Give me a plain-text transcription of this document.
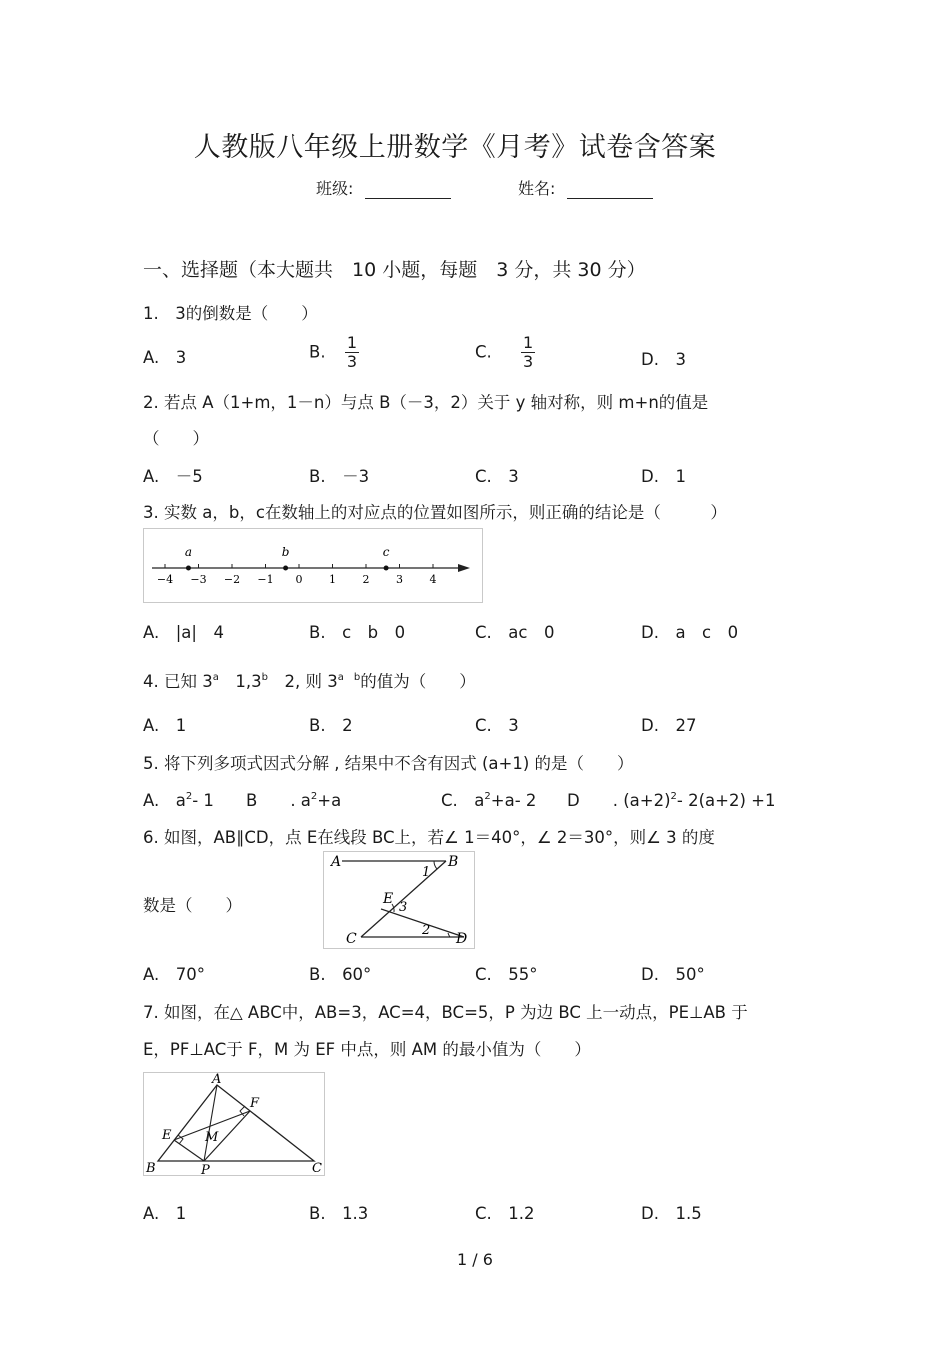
人教版八年级上册数学《月考》试卷含答案
班级:	姓名:
一、选择题（本大题共　10 小题，每题　3 分，共 30 分）
1.　3的倒数是（　　）
A.　3	B. $\frac{1}{3}$	C. $\frac{1}{3}$	D.　3
2. 若点 A（1+m，1－n）与点 B（－3，2）关于 y 轴对称，则 m+n的值是
（　　）
A.　－5	B.　－3	C.　3	D.　1
3. 实数 a，b，c在数轴上的对应点的位置如图所示，则正确的结论是（　　　）
−4 −3 −2 −1 0 1 2 3 4
a	b	c
A.　|a|　4	B.　c　b　0	C.　ac　0	D.　a　c　0
4. 已知 3$^a$　1,3$^b$　2, 则 $3^{a b}$的值为（　　）
A.　1	B.　2	C.　3	D.　27
5. 将下列多项式因式分解 , 结果中不含有因式 (a+1) 的是（　　）
A.　$a^2-$ 1 B　　. $a^2+a$	C.　$a^2+a-$ 2 D　　. $(a+2)^2-$ 2(a+2) +1
6. 如图，AB∥CD，点 E在线段 BC上，若∠ 1＝40°，∠ 2＝30°，则∠ 3 的度
数是（　　）
A	B
C	D
E
1
2
3
A.　70°	B.　60°	C.　55°	D.　50°
7. 如图，在△ ABC中，AB=3，AC=4，BC=5，P 为边 BC 上一动点，PE⊥AB 于
E，PF⊥AC于 F，M 为 EF 中点，则 AM 的最小值为（　　）
A
B	C
E
F
M
P
A.　1	B.　1.3	C.　1.2	D.　1.5
1 / 6
